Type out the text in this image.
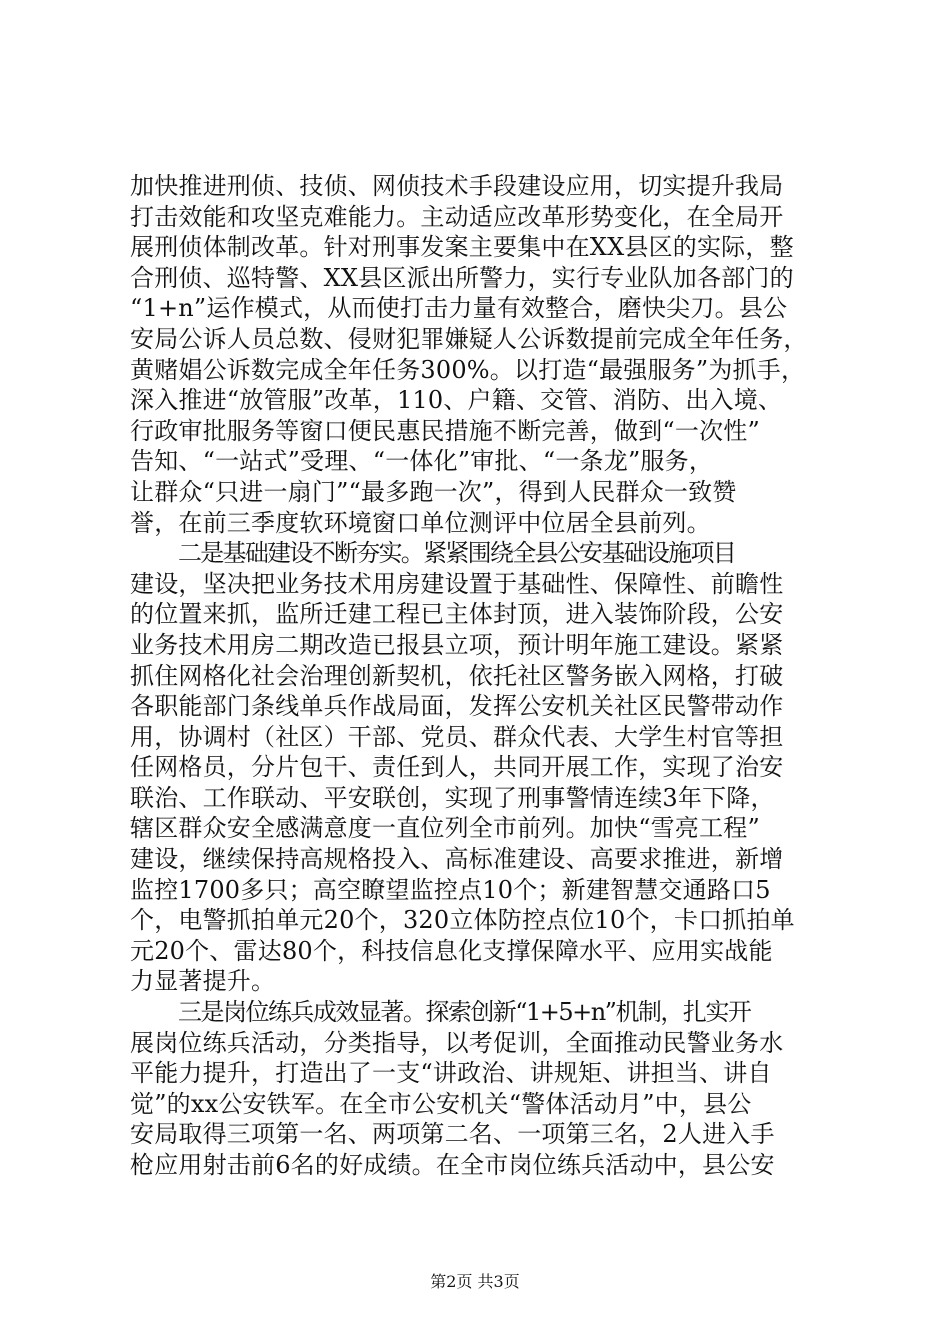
加快推进刑侦、技侦、网侦技术手段建设应用，切实提升我局
打击效能和攻坚克难能力。主动适应改革形势变化，在全局开
展刑侦体制改革。针对刑事发案主要集中在XX县区的实际，整
合刑侦、巡特警、XX县区派出所警力，实行专业队加各部门的
“1+n”运作模式，从而使打击力量有效整合，磨快尖刀。县公
安局公诉人员总数、侵财犯罪嫌疑人公诉数提前完成全年任务，
黄赌娼公诉数完成全年任务300%。以打造“最强服务”为抓手，
深入推进“放管服”改革，110、户籍、交管、消防、出入境、
行政审批服务等窗口便民惠民措施不断完善，做到“一次性”
告知、“一站式”受理、“一体化”审批、“一条龙”服务，
让群众“只进一扇门”“最多跑一次”，得到人民群众一致赞
誉，在前三季度软环境窗口单位测评中位居全县前列。
二是基础建设不断夯实。紧紧围绕全县公安基础设施项目
建设，坚决把业务技术用房建设置于基础性、保障性、前瞻性
的位置来抓，监所迁建工程已主体封顶，进入装饰阶段，公安
业务技术用房二期改造已报县立项，预计明年施工建设。紧紧
抓住网格化社会治理创新契机，依托社区警务嵌入网格，打破
各职能部门条线单兵作战局面，发挥公安机关社区民警带动作
用，协调村（社区）干部、党员、群众代表、大学生村官等担
任网格员，分片包干、责任到人，共同开展工作，实现了治安
联治、工作联动、平安联创，实现了刑事警情连续3年下降，
辖区群众安全感满意度一直位列全市前列。加快“雪亮工程”
建设，继续保持高规格投入、高标准建设、高要求推进，新增
监控1700多只；高空瞭望监控点10个；新建智慧交通路口5
个，电警抓拍单元20个，320立体防控点位10个，卡口抓拍单
元20个、雷达80个，科技信息化支撑保障水平、应用实战能
力显著提升。
三是岗位练兵成效显著。探索创新“1+5+n”机制，扎实开
展岗位练兵活动，分类指导，以考促训，全面推动民警业务水
平能力提升，打造出了一支“讲政治、讲规矩、讲担当、讲自
觉”的xx公安铁军。在全市公安机关“警体活动月”中，县公
安局取得三项第一名、两项第二名、一项第三名，2人进入手
枪应用射击前6名的好成绩。在全市岗位练兵活动中，县公安
第2页 共3页
